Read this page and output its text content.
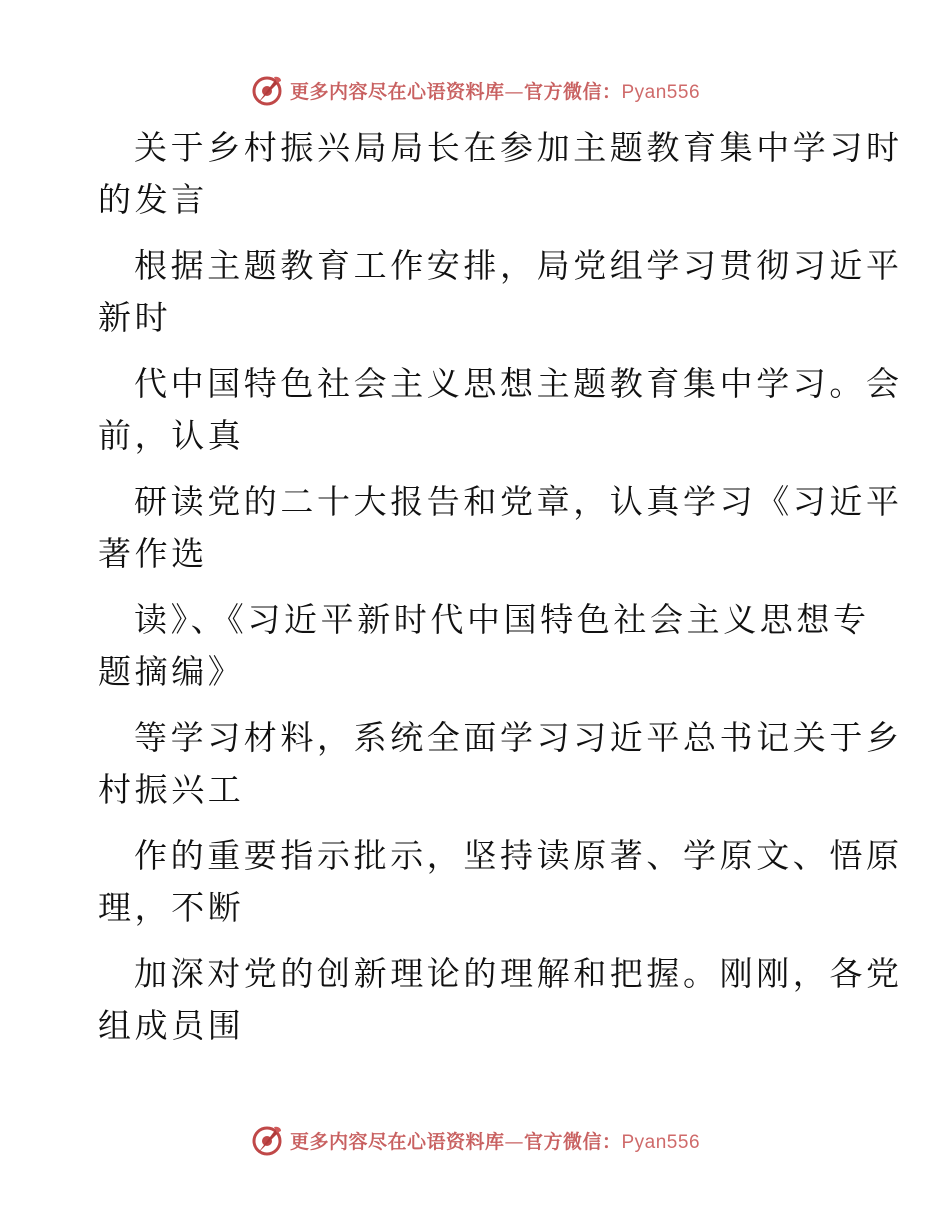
更多内容尽在心语资料库—官方微信：Pyan556

关于乡村振兴局局长在参加主题教育集中学习时
的发言

根据主题教育工作安排，局党组学习贯彻习近平
新时

代中国特色社会主义思想主题教育集中学习。会
前，认真

研读党的二十大报告和党章，认真学习《习近平
著作选

读》、《习近平新时代中国特色社会主义思想专
题摘编》

等学习材料，系统全面学习习近平总书记关于乡
村振兴工

作的重要指示批示，坚持读原著、学原文、悟原
理，不断

加深对党的创新理论的理解和把握。刚刚，各党
组成员围

更多内容尽在心语资料库—官方微信：Pyan556
